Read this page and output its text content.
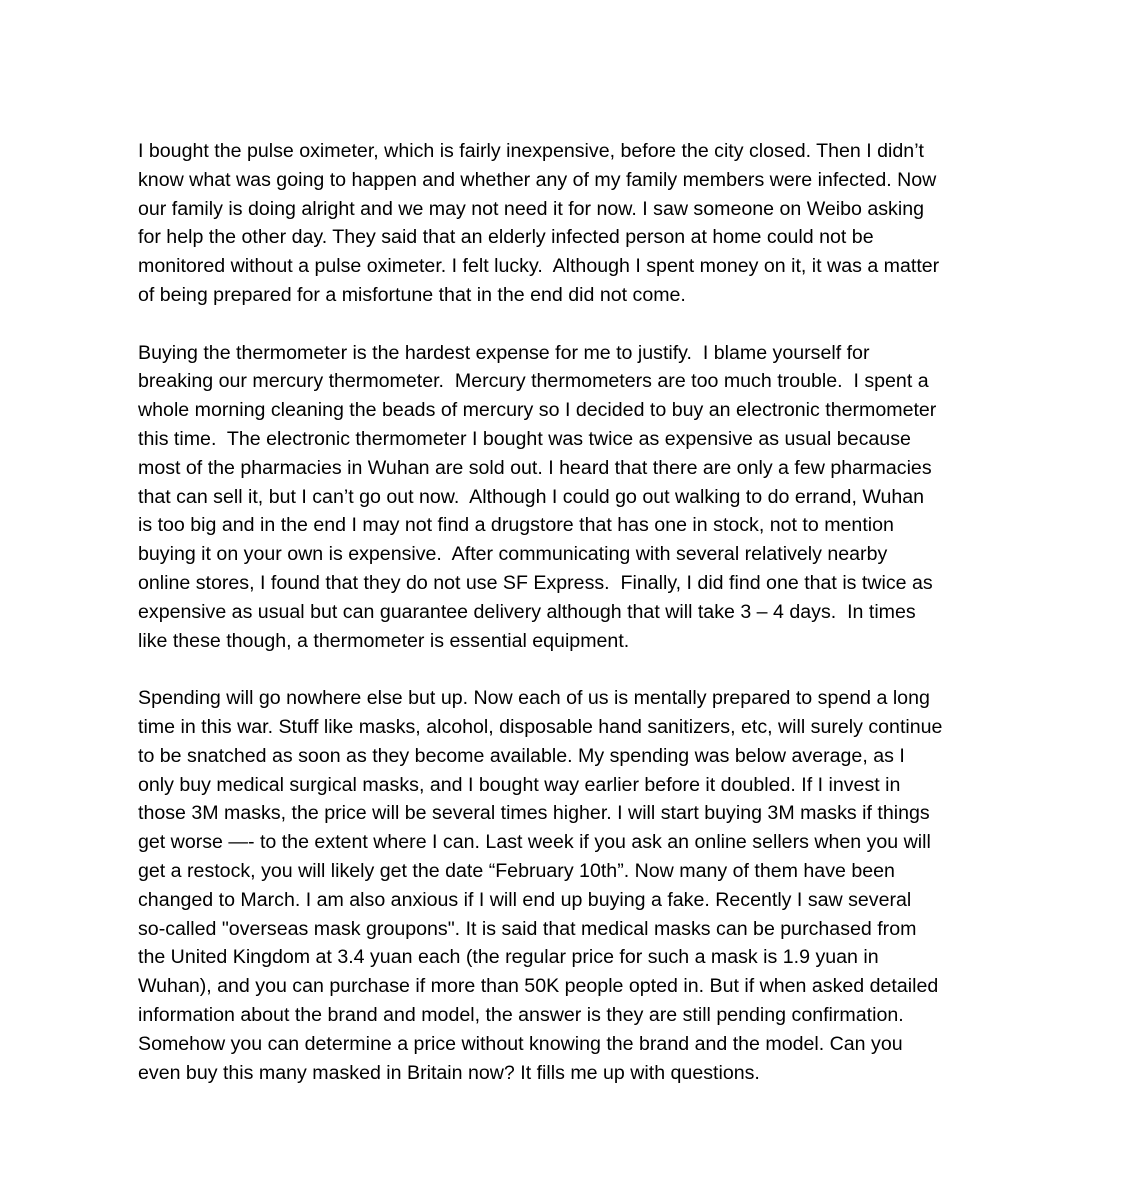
I bought the pulse oximeter, which is fairly inexpensive, before the city closed. Then I didn’t
know what was going to happen and whether any of my family members were infected. Now
our family is doing alright and we may not need it for now. I saw someone on Weibo asking
for help the other day. They said that an elderly infected person at home could not be
monitored without a pulse oximeter. I felt lucky.  Although I spent money on it, it was a matter
of being prepared for a misfortune that in the end did not come.

Buying the thermometer is the hardest expense for me to justify.  I blame yourself for
breaking our mercury thermometer.  Mercury thermometers are too much trouble.  I spent a
whole morning cleaning the beads of mercury so I decided to buy an electronic thermometer
this time.  The electronic thermometer I bought was twice as expensive as usual because
most of the pharmacies in Wuhan are sold out. I heard that there are only a few pharmacies
that can sell it, but I can’t go out now.  Although I could go out walking to do errand, Wuhan
is too big and in the end I may not find a drugstore that has one in stock, not to mention
buying it on your own is expensive.  After communicating with several relatively nearby
online stores, I found that they do not use SF Express.  Finally, I did find one that is twice as
expensive as usual but can guarantee delivery although that will take 3 – 4 days.  In times
like these though, a thermometer is essential equipment.

Spending will go nowhere else but up. Now each of us is mentally prepared to spend a long
time in this war. Stuff like masks, alcohol, disposable hand sanitizers, etc, will surely continue
to be snatched as soon as they become available. My spending was below average, as I
only buy medical surgical masks, and I bought way earlier before it doubled. If I invest in
those 3M masks, the price will be several times higher. I will start buying 3M masks if things
get worse —- to the extent where I can. Last week if you ask an online sellers when you will
get a restock, you will likely get the date “February 10th”. Now many of them have been
changed to March. I am also anxious if I will end up buying a fake. Recently I saw several
so-called "overseas mask groupons". It is said that medical masks can be purchased from
the United Kingdom at 3.4 yuan each (the regular price for such a mask is 1.9 yuan in
Wuhan), and you can purchase if more than 50K people opted in. But if when asked detailed
information about the brand and model, the answer is they are still pending confirmation.
Somehow you can determine a price without knowing the brand and the model. Can you
even buy this many masked in Britain now? It fills me up with questions.
